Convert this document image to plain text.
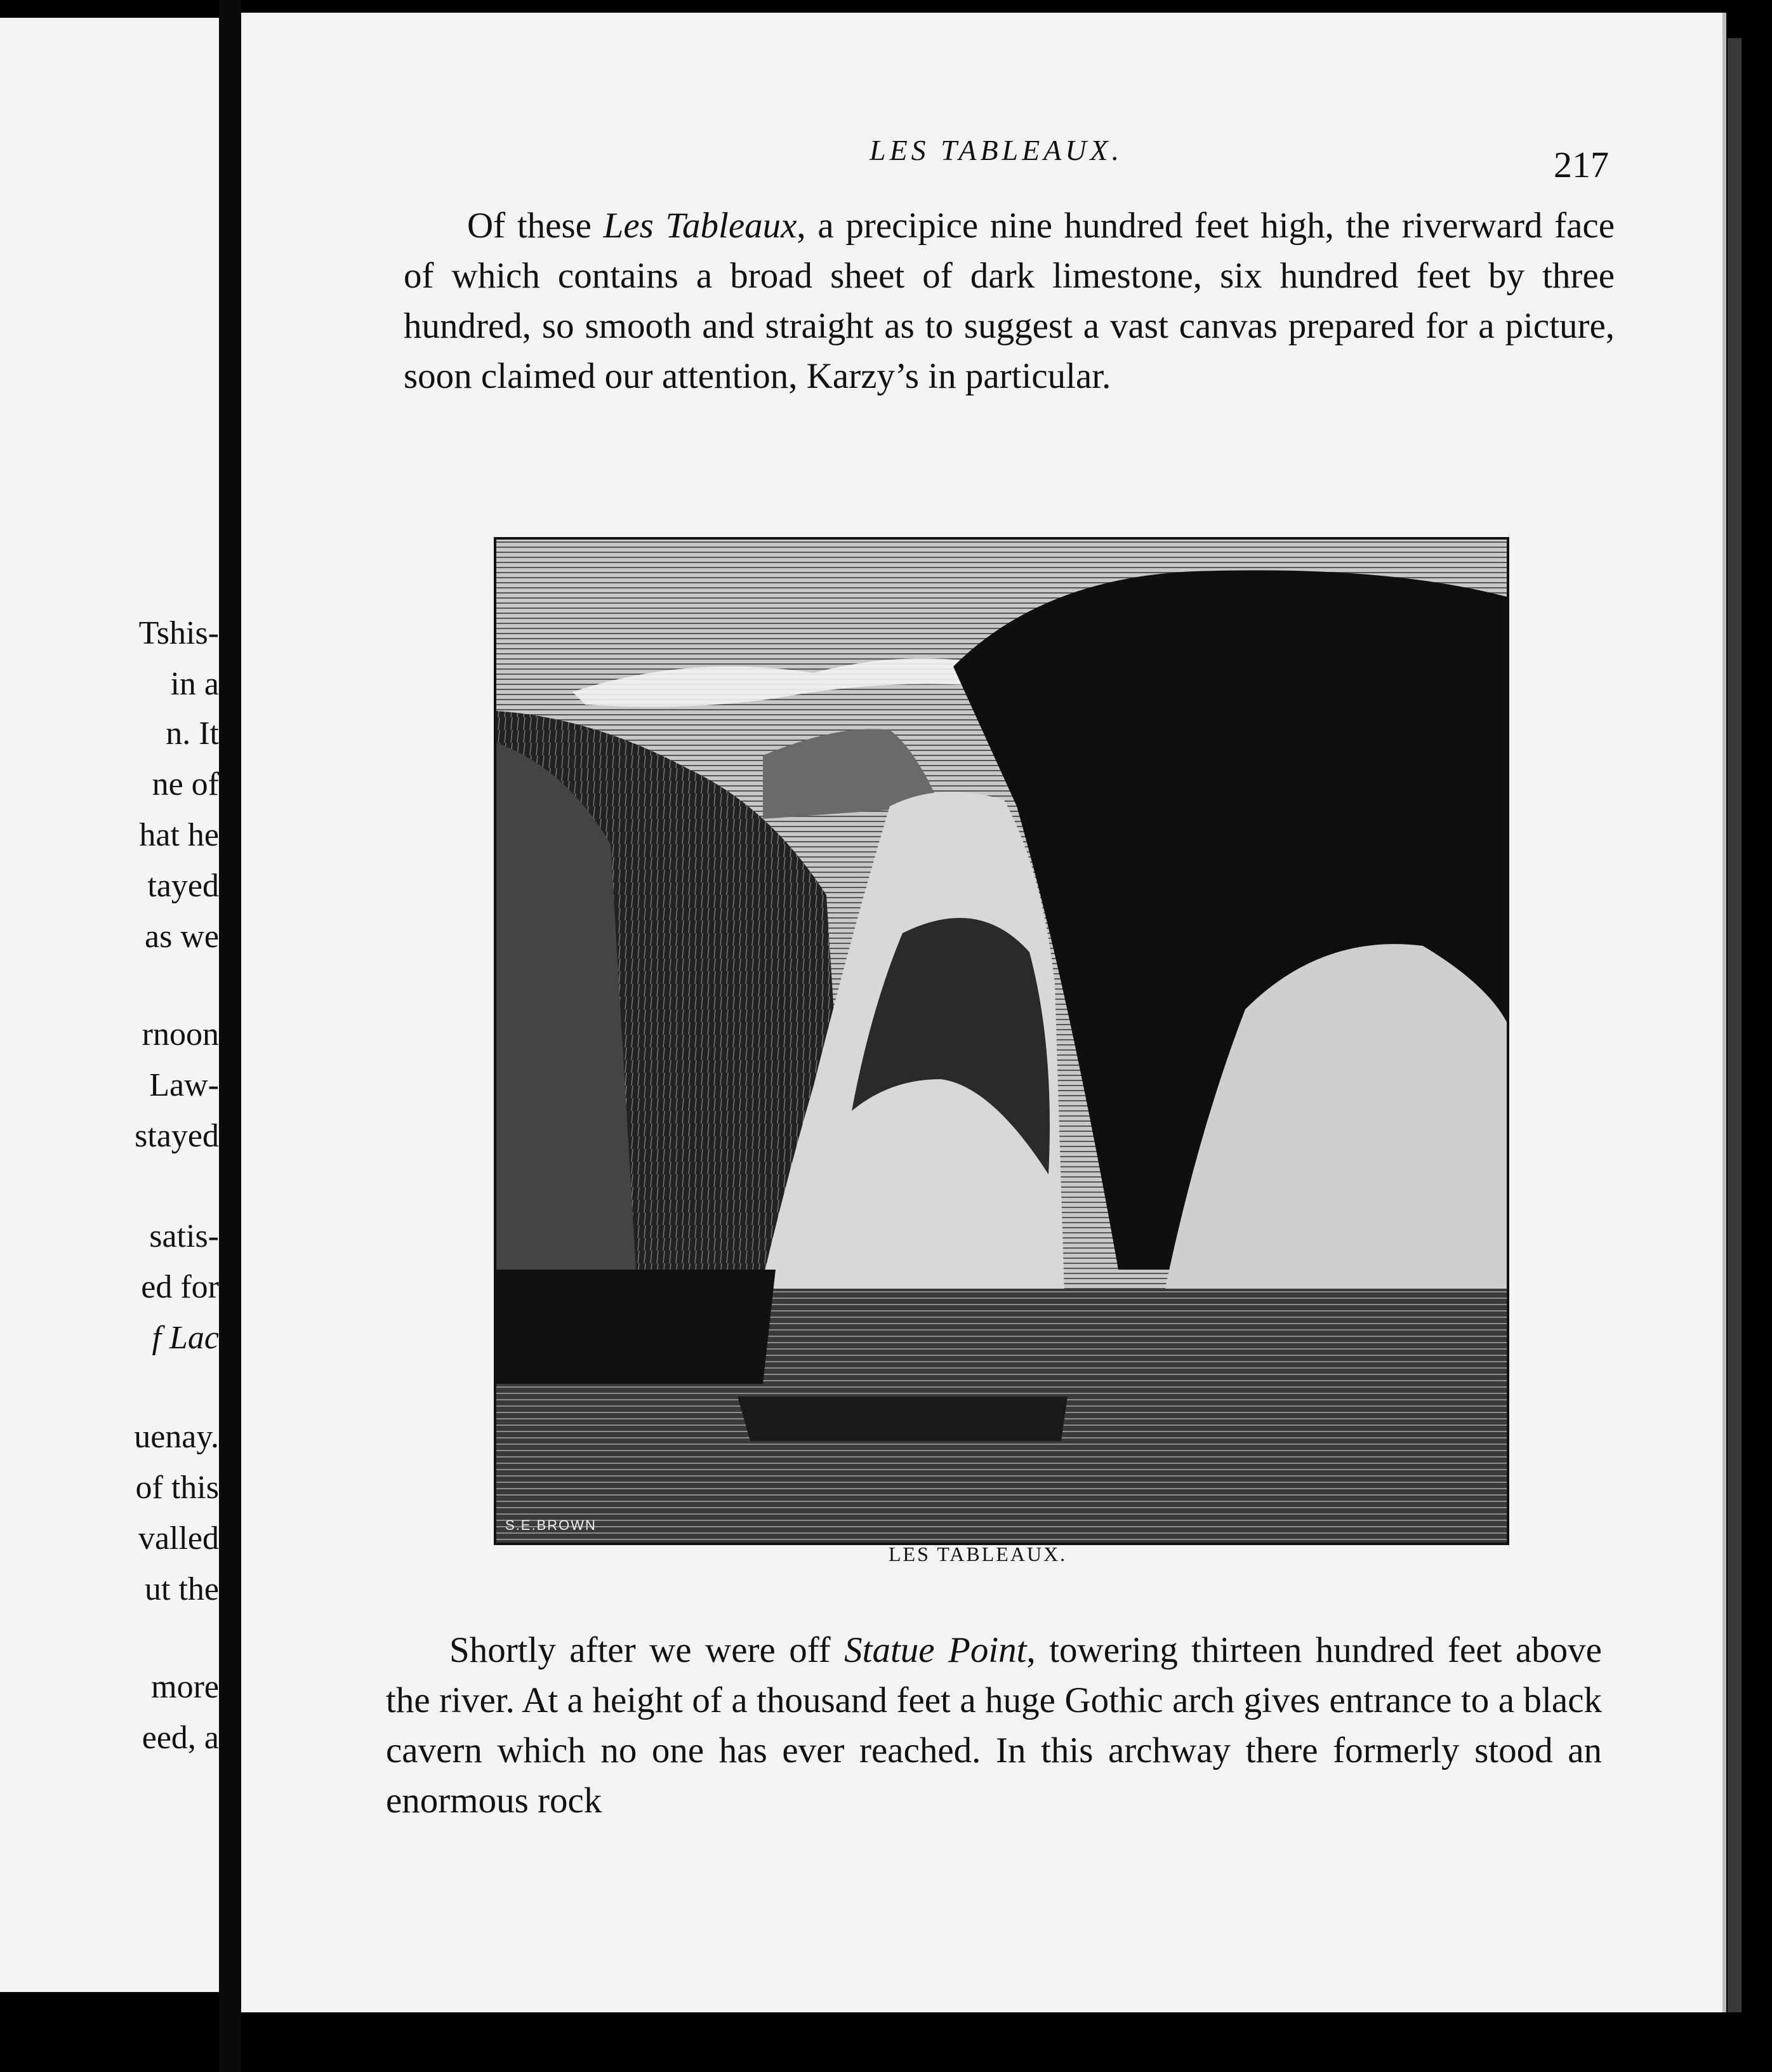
Tshis-
in a
n. It
ne of
hat he
tayed
as we
rnoon
Law-
stayed
satis-
ed for
f Lac
uenay.
of this
valled
ut the
more
eed, a
LES TABLEAUX.	217

Of these Les Tableaux, a precipice nine hundred feet high, the riverward face of which contains a broad sheet of dark limestone, six hundred feet by three hundred, so smooth and straight as to suggest a vast canvas prepared for a picture, soon claimed our attention, Karzy’s in particular.

S.E.BROWN
LES TABLEAUX.

Shortly after we were off Statue Point, towering thirteen hundred feet above the river. At a height of a thousand feet a huge Gothic arch gives entrance to a black cavern which no one has ever reached. In this archway there formerly stood an enormous rock
